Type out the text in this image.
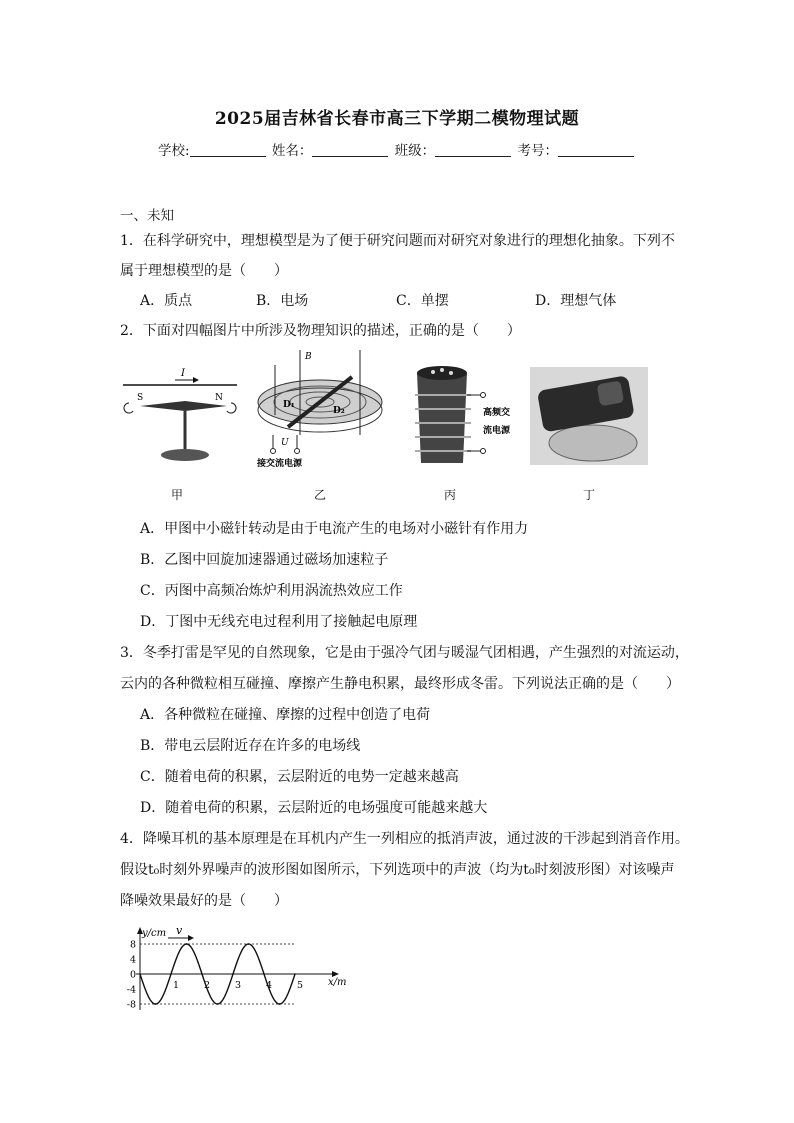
2025届吉林省长春市高三下学期二模物理试题
学校:	姓名：	班级：	考号：
一、未知
1．在科学研究中，理想模型是为了便于研究问题而对研究对象进行的理想化抽象。下列不
属于理想模型的是（　　）
A．质点	B．电场	C．单摆	D．理想气体
2．下面对四幅图片中所涉及物理知识的描述，正确的是（　　）
I
S	N
B
D₁
D₂
U
接交流电源
高频交
流电源
甲	乙	丙	丁
A．甲图中小磁针转动是由于电流产生的电场对小磁针有作用力
B．乙图中回旋加速器通过磁场加速粒子
C．丙图中高频冶炼炉利用涡流热效应工作
D．丁图中无线充电过程利用了接触起电原理
3．冬季打雷是罕见的自然现象，它是由于强冷气团与暖湿气团相遇，产生强烈的对流运动，
云内的各种微粒相互碰撞、摩擦产生静电积累，最终形成冬雷。下列说法正确的是（　　）
A．各种微粒在碰撞、摩擦的过程中创造了电荷
B．带电云层附近存在许多的电场线
C．随着电荷的积累，云层附近的电势一定越来越高
D．随着电荷的积累，云层附近的电场强度可能越来越大
4．降噪耳机的基本原理是在耳机内产生一列相应的抵消声波，通过波的干涉起到消音作用。
假设t₀时刻外界噪声的波形图如图所示，下列选项中的声波（均为t₀时刻波形图）对该噪声
降噪效果最好的是（　　）
y/cm
x/m
v
8
4
0
-4
-8
1	2	3	4	5
